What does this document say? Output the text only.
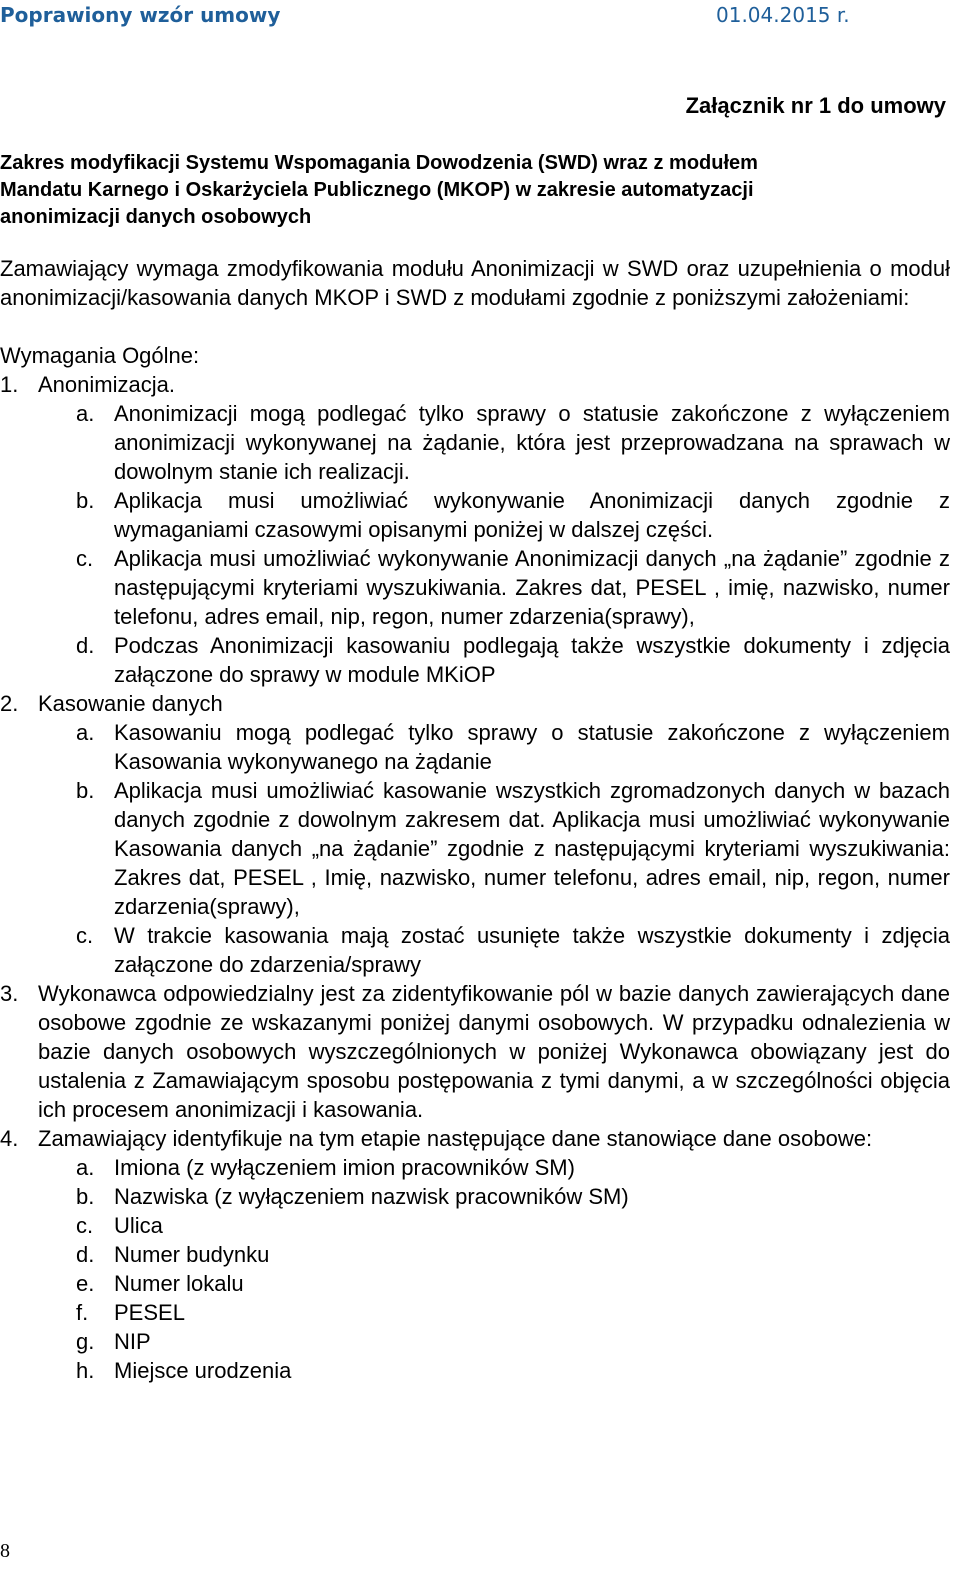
Poprawiony wzór umowy	01.04.2015 r.
Załącznik nr 1 do umowy
Zakres modyfikacji Systemu Wspomagania Dowodzenia (SWD) wraz z modułem
Mandatu Karnego i Oskarżyciela Publicznego (MKOP) w zakresie automatyzacji
anonimizacji danych osobowych
Zamawiający wymaga zmodyfikowania modułu Anonimizacji w SWD oraz uzupełnienia o moduł anonimizacji/kasowania danych MKOP i SWD z modułami zgodnie z poniższymi założeniami:
Wymagania Ogólne:
1. Anonimizacja.
a. Anonimizacji mogą podlegać tylko sprawy o statusie zakończone z wyłączeniem anonimizacji wykonywanej na żądanie, która jest przeprowadzana na sprawach w dowolnym stanie ich realizacji.
b. Aplikacja musi umożliwiać wykonywanie Anonimizacji danych zgodnie z wymaganiami czasowymi opisanymi poniżej w dalszej części.
c. Aplikacja musi umożliwiać wykonywanie Anonimizacji danych „na żądanie” zgodnie z następującymi kryteriami wyszukiwania. Zakres dat, PESEL , imię, nazwisko, numer telefonu, adres email, nip, regon, numer zdarzenia(sprawy),
d. Podczas Anonimizacji kasowaniu podlegają także wszystkie dokumenty i zdjęcia załączone do sprawy w module MKiOP
2. Kasowanie danych
a. Kasowaniu mogą podlegać tylko sprawy o statusie zakończone z wyłączeniem Kasowania wykonywanego na żądanie
b. Aplikacja musi umożliwiać kasowanie wszystkich zgromadzonych danych w bazach danych zgodnie z dowolnym zakresem dat. Aplikacja musi umożliwiać wykonywanie Kasowania danych „na żądanie” zgodnie z następującymi kryteriami wyszukiwania: Zakres dat, PESEL , Imię, nazwisko, numer telefonu, adres email, nip, regon, numer zdarzenia(sprawy),
c. W trakcie kasowania mają zostać usunięte także wszystkie dokumenty i zdjęcia załączone do zdarzenia/sprawy
3. Wykonawca odpowiedzialny jest za zidentyfikowanie pól w bazie danych zawierających dane osobowe zgodnie ze wskazanymi poniżej danymi osobowych. W przypadku odnalezienia w bazie danych osobowych wyszczególnionych w poniżej Wykonawca obowiązany jest do ustalenia z Zamawiającym sposobu postępowania z tymi danymi, a w szczególności objęcia ich procesem anonimizacji i kasowania.
4. Zamawiający identyfikuje na tym etapie następujące dane stanowiące dane osobowe:
a. Imiona (z wyłączeniem imion pracowników SM)
b. Nazwiska (z wyłączeniem nazwisk pracowników SM)
c. Ulica
d. Numer budynku
e. Numer lokalu
f.	PESEL
g. NIP
h. Miejsce urodzenia
8
